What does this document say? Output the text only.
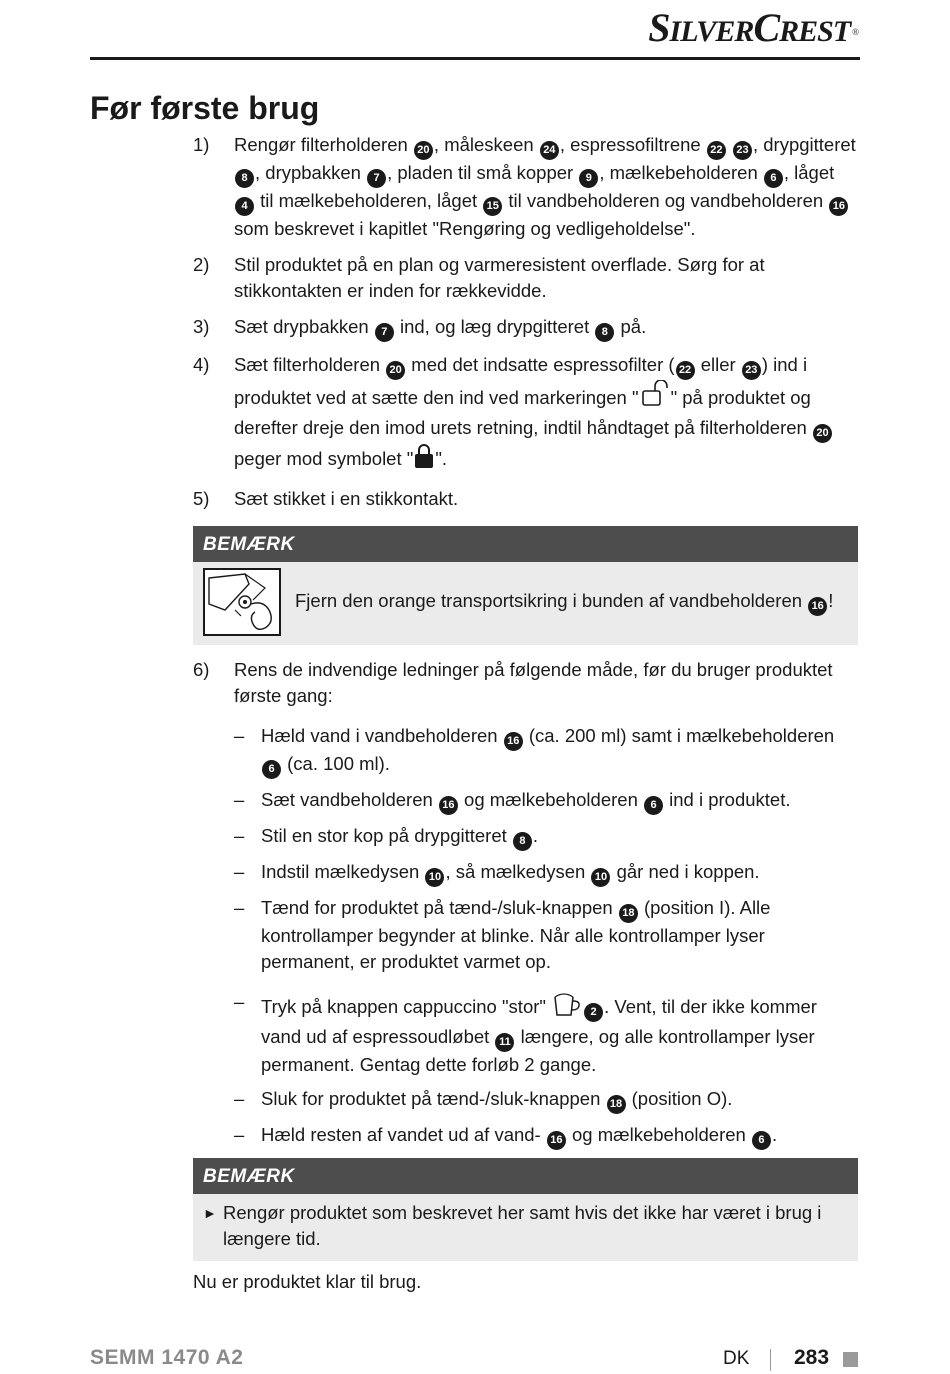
SILVERCREST ®
Før første brug
1)	Rengør filterholderen 20 , måleskeen 24 , espressofiltrene 22 23 , drypgitteret 8 , drypbakken 7 , pladen til små kopper 9 , mælkebeholderen 6 , låget 4 til mælkebeholderen, låget 15 til vandbeholderen og vandbeholderen 16 som beskrevet i kapitlet "Rengøring og vedligeholdelse".
2)	Stil produktet på en plan og varmeresistent overflade. Sørg for at stikkontakten er inden for rækkevidde.
3)	Sæt drypbakken 7 ind, og læg drypgitteret 8 på.
4)	Sæt filterholderen 20 med det indsatte espressofilter ( 22 eller 23 ) ind i produktet ved at sætte den ind ved markeringen " " på produktet og derefter dreje den imod urets retning, indtil håndtaget på filterholderen 20 peger mod symbolet " ".
5)	Sæt stikket i en stikkontakt.
BEMÆRK
Fjern den orange transportsikring i bunden af vandbeholderen 16 !
6)	Rens de indvendige ledninger på følgende måde, før du bruger produktet første gang:
– Hæld vand i vandbeholderen 16 (ca. 200 ml) samt i mælkebeholderen 6 (ca. 100 ml).
– Sæt vandbeholderen 16 og mælkebeholderen 6 ind i produktet.
– Stil en stor kop på drypgitteret 8 .
– Indstil mælkedysen 10 , så mælkedysen 10 går ned i koppen.
– Tænd for produktet på tænd-/sluk-knappen 18 (position I). Alle kontrollamper begynder at blinke. Når alle kontrollamper lyser permanent, er produktet varmet op.
– Tryk på knappen cappuccino "stor"	2 . Vent, til der ikke kommer vand ud af espressoudløbet 11 længere, og alle kontrollamper lyser permanent. Gentag dette forløb 2 gange.
– Sluk for produktet på tænd-/sluk-knappen 18 (position O).
– Hæld resten af vandet ud af vand- 16 og mælkebeholderen 6 .
BEMÆRK
► Rengør produktet som beskrevet her samt hvis det ikke har været i brug i længere tid.
Nu er produktet klar til brug.
SEMM 1470 A2	DK 283
